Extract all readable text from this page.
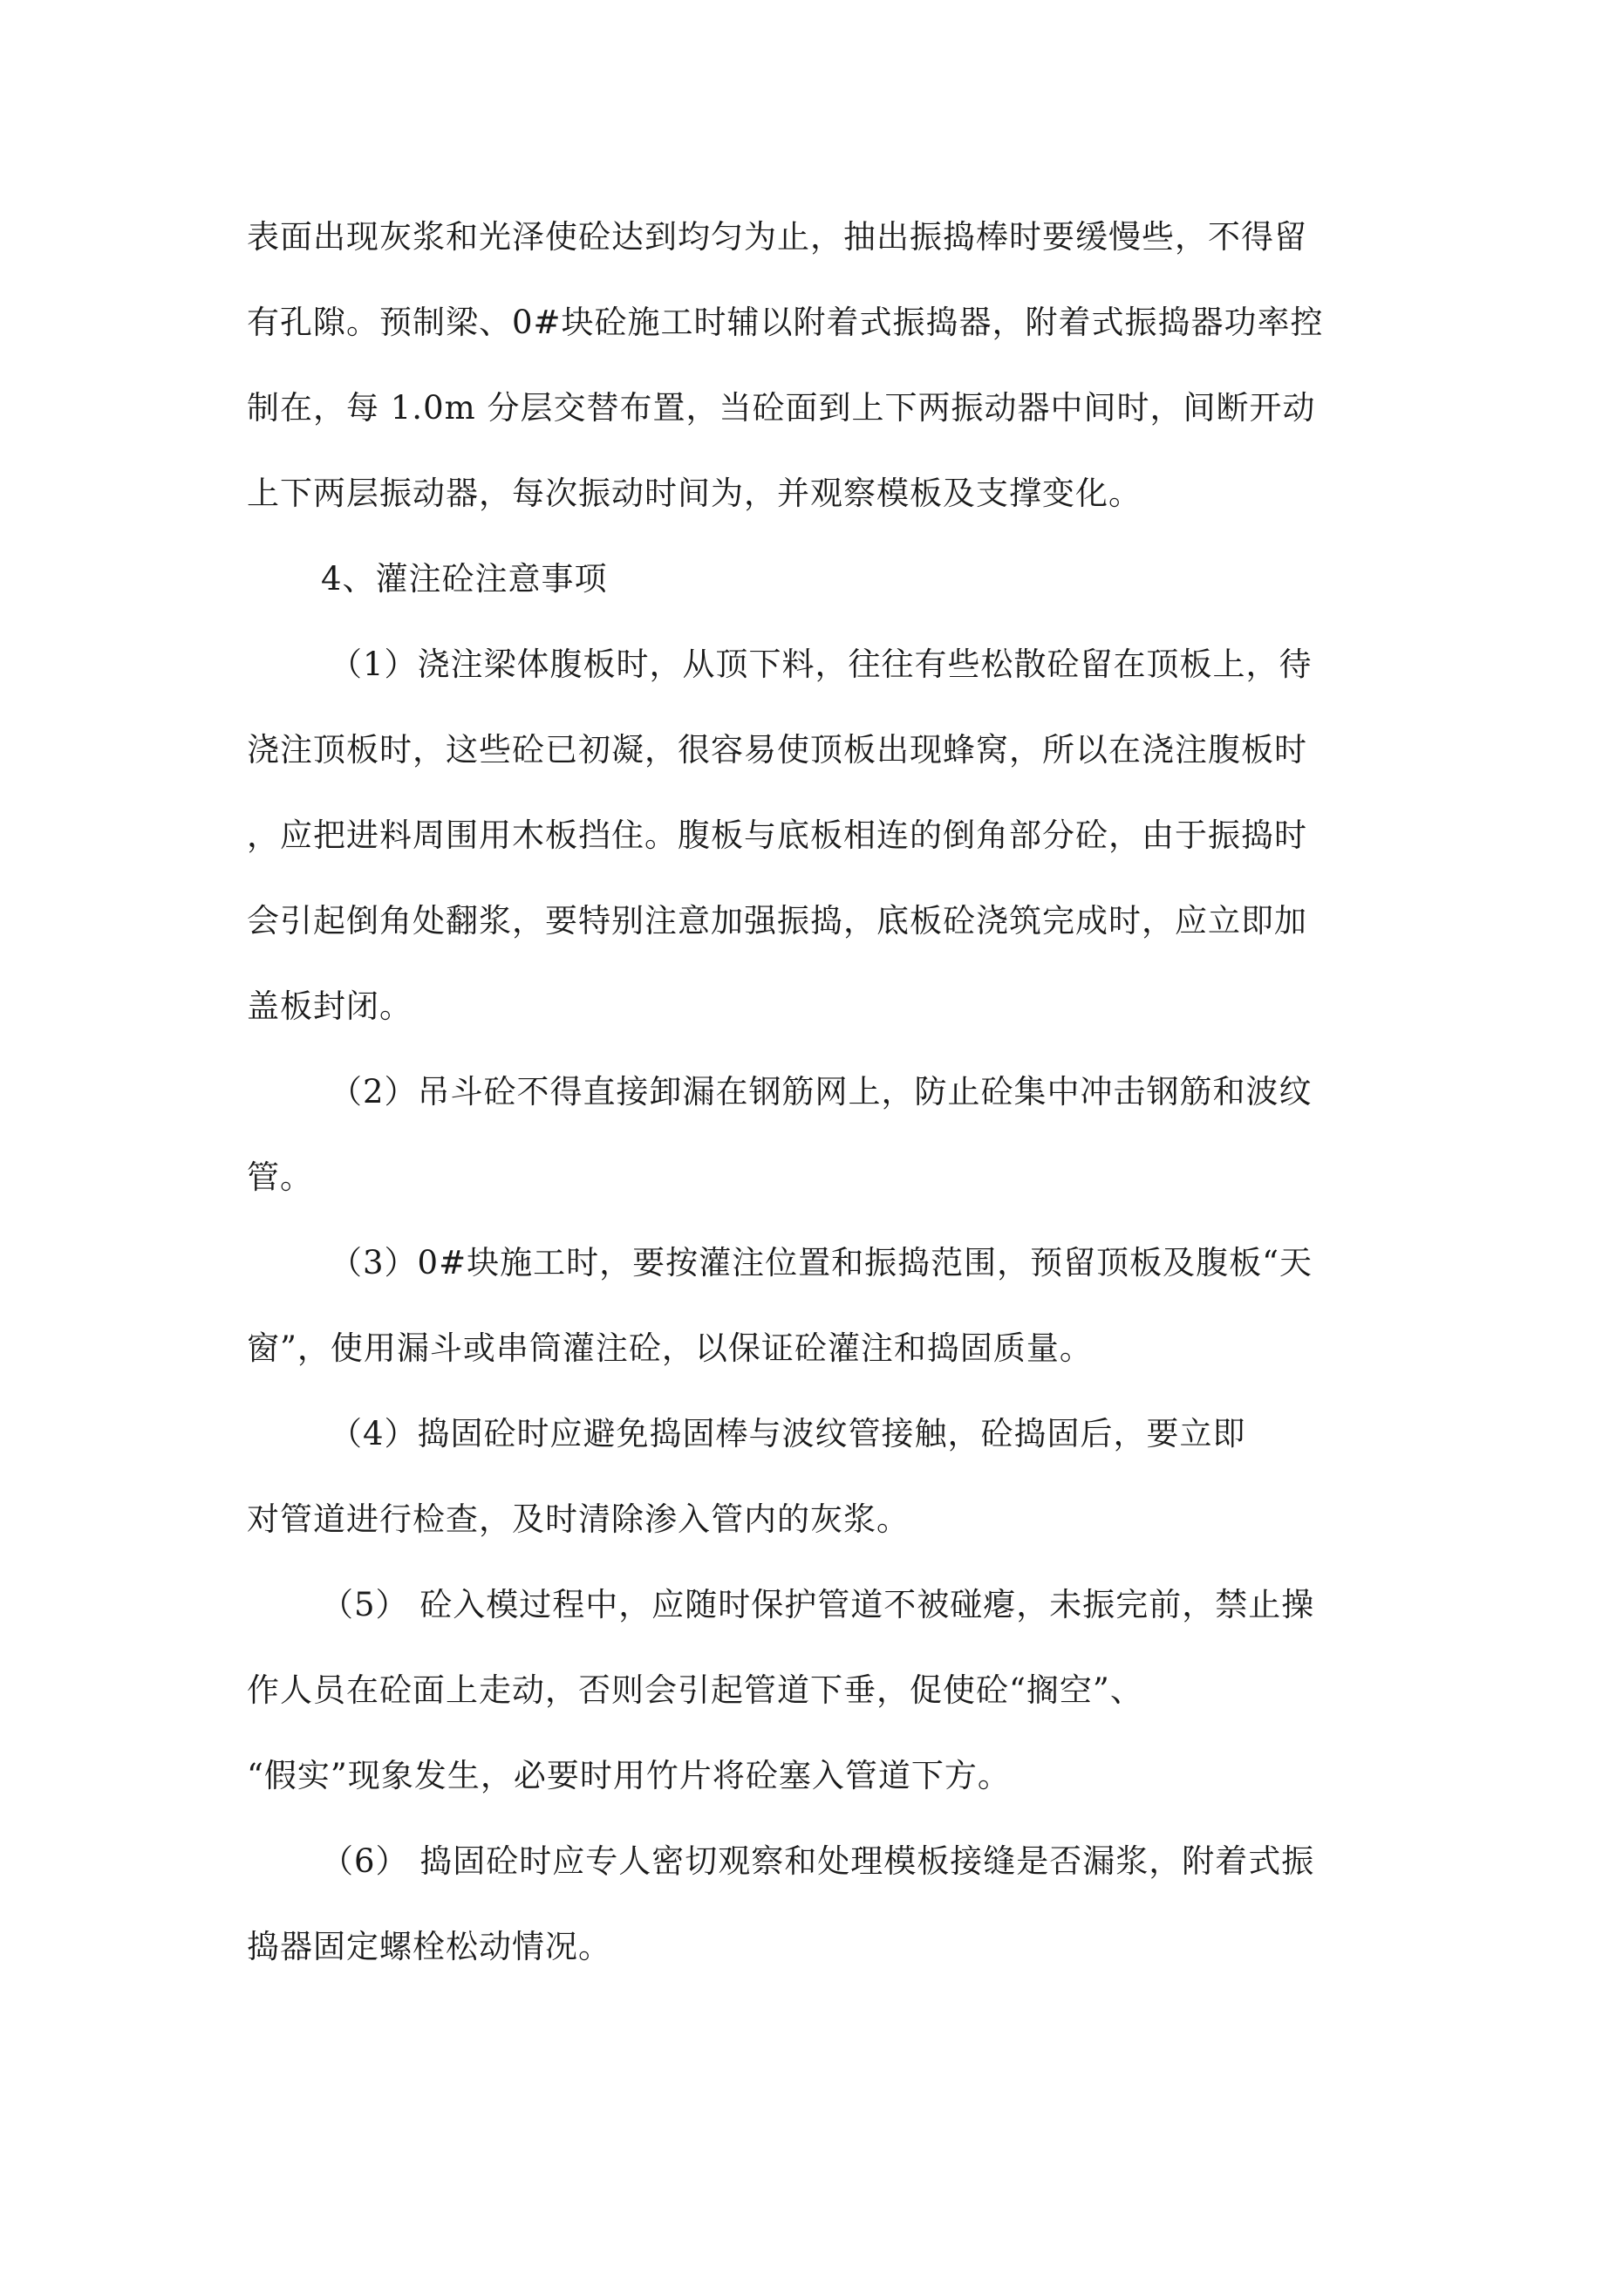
表面出现灰浆和光泽使砼达到均匀为止，抽出振捣棒时要缓慢些，不得留
有孔隙。预制梁、0#块砼施工时辅以附着式振捣器，附着式振捣器功率控
制在，每 1.0m 分层交替布置，当砼面到上下两振动器中间时，间断开动
上下两层振动器，每次振动时间为，并观察模板及支撑变化。
4、灌注砼注意事项
（1）浇注梁体腹板时，从顶下料，往往有些松散砼留在顶板上，待
浇注顶板时，这些砼已初凝，很容易使顶板出现蜂窝，所以在浇注腹板时
，应把进料周围用木板挡住。腹板与底板相连的倒角部分砼，由于振捣时
会引起倒角处翻浆，要特别注意加强振捣，底板砼浇筑完成时，应立即加
盖板封闭。
（2）吊斗砼不得直接卸漏在钢筋网上，防止砼集中冲击钢筋和波纹
管。
（3）0#块施工时，要按灌注位置和振捣范围，预留顶板及腹板“天
窗”，使用漏斗或串筒灌注砼，以保证砼灌注和捣固质量。
（4）捣固砼时应避免捣固棒与波纹管接触，砼捣固后，要立即
对管道进行检查，及时清除渗入管内的灰浆。
（5） 砼入模过程中，应随时保护管道不被碰瘪，未振完前，禁止操
作人员在砼面上走动，否则会引起管道下垂，促使砼“搁空”、
“假实”现象发生，必要时用竹片将砼塞入管道下方。
（6） 捣固砼时应专人密切观察和处理模板接缝是否漏浆，附着式振
捣器固定螺栓松动情况。
